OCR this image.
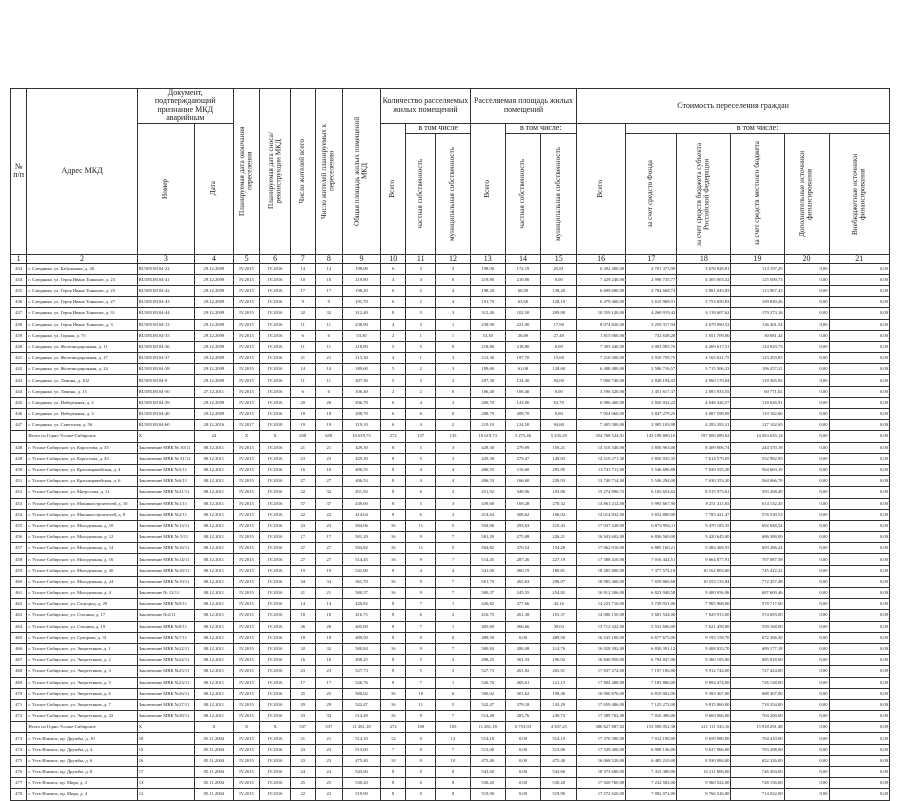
№ п/п	Адрес МКД	Документ, подтверждающий признание МКД аварийным		Планируемая дата окончания переселения	Планируемая дата сноса/реконструкции МКД	Число жителей всего	Число жителей планируемых к переселению	Общая площадь жилых помещений МКД	Количество расселяемых жилых помещений			Расселяемая площадь жилых помещений			Стоимость переселения граждан					

		Номер	Дата						Всего	в том числе		Всего	в том числе:		Всего	в том числе:				

										частная собственность	муниципальная собственность		частная собственность	муниципальная собственность		за счет средств Фонда	за счет средств бюджета субъекта Российской Федерации	за счет средств местного бюджета	Дополнительные источники финансирования	Внебюджетные источники финансирования

1	2	3	4	5	6	7	8	9	10	11	12	13	14	15	16	17	18	19	20	21
433	г. Слюдянка, ул. Бабушкина, д. 26	RU38518104-22	29.12.2009	IV.2015	IV.2016	14	14	198,00	6	3	3	198,00	172,19	25,81	6 492 400,00	2 701 373,90	3 676 828,81	114 197,29	0,00	0,00
434	г. Слюдянка, ул. Героя Ивана Тонконог, д. 23	RU38518104-41	29.12.2009	IV.2015	IV.2016	10	10	219,80	4	4	0	219,80	219,80	0,00	7 429 240,00	2 998 735,77	4 305 003,32	125 500,73	0,00	0,00
435	г. Слюдянка, ул. Героя Ивана Тонконог, д. 25	RU38518104-42	29.12.2009	IV.2015	IV.2016	17	17	198,20	6	2	4	198,20	60,00	138,20	6 699 680,00	2 704 668,74	3 881 045,83	113 967,43	0,00	0,00
436	г. Слюдянка, ул. Героя Ивана Тонконог, д. 27	RU38518104-43	29.12.2009	IV.2015	IV.2016	9	9	191,70	6	2	4	191,70	63,60	128,10	6 479 460,00	2 615 968,91	3 753 650,83	109 840,26	0,00	0,00
437	г. Слюдянка, ул. Героя Ивана Тонконог, д. 31	RU38518104-44	29.12.2009	IV.2015	IV.2016	32	32	312,40	8	5	3	312,40	102,50	209,90	10 559 120,00	4 260 919,42	6 118 607,62	179 273,16	0,00	0,00
438	г. Слюдянка, ул. Героя Ивана Тонконог, д. 3	RU38518104-13	29.12.2009	IV.2015	IV.2016	11	11	238,90	4	3	1	238,90	221,00	17,90	8 074 820,00	3 259 317,94	4 679 090,52	136 401,54	0,00	0,00
439	г. Слюдянка, ул. Горная, д. 75	RU38518104-35	29.12.2009	IV.2015	IV.2016	6	6	53,30	2	1	1	53,30	26,80	27,40	1 815 060,00	732 638,28	1 051 709,00	30 681,44	0,00	0,00
440	г. Слюдянка, ул. Железнодорожная, д. 11	RU38518104-36	29.12.2009	IV.2015	IV.2016	11	11	218,80	5	5	0	218,80	218,80	0,00	7 395 440,00	3 003 095,76	4 269 617,51	124 929,73	0,00	0,00
441	г. Слюдянка, ул. Железнодорожная, д. 17	RU38518104-37	29.12.2009	IV.2015	IV.2016	21	21	213,30	4	1	3	213,30	197,70	15,60	7 210 200,00	2 910 759,75	4 165 621,75	123 203,85	0,00	0,00
442	г. Слюдянка, ул. Железнодорожная, д. 24	RU38518104-38	29.12.2009	IV.2015	IV.2016	14	14	189,60	5	2	3	189,60	61,00	128,60	6 408 480,00	2 586 716,57	3 715 506,23	106 257,21	0,00	0,00
443	г. Слюдянка, ул. Ленина, д. 102	RU38518104-9	29.12.2009	IV.2015	IV.2016	11	11	207,30	5	3	2	207,30	124,30	83,00	7 006 740,00	2 828 194,02	4 060 170,04	118 365,92	0,00	0,00
444	г. Слюдянка, ул. Ленина, д. 13	RU38518104-50	27.12.2011	IV.2015	IV.2016	6	6	106,40	2	2	0	106,40	106,40	0,00	3 596 320,00	1 451 617,37	2 083 933,55	60 771,02	0,00	0,00
445	г. Слюдянка, ул. Набережная, д. 2	RU38518104-39	29.12.2009	IV.2015	IV.2016	20	20	206,70	6	4	2	206,70	143,00	63,70	6 986 460,00	2 820 032,22	4 048 426,57	118 026,91	0,00	0,00
446	г. Слюдянка, ул. Набережная, д. 3	RU38518104-40	29.12.2009	IV.2015	IV.2016	18	18	208,70	6	6	0	208,70	208,70	0,00	7 054 060,00	2 847 279,25	4 087 598,09	119 182,66	0,00	0,00
447	г. Слюдянка, ул. Советская, д. 56	RU38518104-60	28.12.2016	IV.2017	IV.2018	19	19	219,10	6	4	2	219,10	124,50	94,60	7 405 580,00	2 985 183,98	4 293 293,31	127 102,65	0,00	0,00
	Итого по Горно Усолье-Сибирское	X	24	X	X	658	658	10 619,73	272	137	135	10 619,73	5 275,46	5 335,29	354 768 524,91	143 198 800,16	197 006 089,62	14 563 635,14	0,00	0,00
448	г. Усолье-Сибирское, ул. Коростова, д. 35	Заключение МВК № 30/11	08.12.2011	IV.2015	IV.2016	21	21	429,30	8	5	3	429,30	279,09	150,21	14 510 340,00	5 856 963,08	8 409 006,74	244 370,18	0,00	0,00
449	г. Усолье-Сибирское, ул. Коростова, д. 45	Заключение МВК № 31/11	08.12.2011	IV.2015	IV.2016	23	23	429,30	8	5	3	429,30	279,47	149,83	14 510 271,30	5 856 935,35	7 614 579,05	552 982,95	0,00	0,00
450	г. Усолье-Сибирское, ул. Красноармейская, д. 4	Заключение МВК №5/11	08.12.2011	IV.2015	IV.2016	16	16	406,55	8	4	4	406,55	110,60	295,95	13 741 711,00	5 546 696,88	7 630 355,30	564 663,19	0,00	0,00
451	г. Усолье-Сибирское, ул. Красноармейская, д. 6	Заключение МВК №6/11	08.12.2011	IV.2015	IV.2016	27	27	406,53	8	4	4	406,53	166,60	239,93	13 740 714,00	5 546 294,00	7 630 353,30	564 066,70	0,00	0,00
452	г. Усолье-Сибирское, ул. Матросова, д. 11	Заключение МВК №21/11	08.12.2011	IV.2015	IV.2016	32	32	451,92	8	6	2	451,92	348,06	103,86	15 274 896,72	6 165 654,62	8 515 973,61	593 268,49	0,00	0,00
453	г. Усолье-Сибирское, ул. Машиностроителей, д. 10	Заключение МВК №1/11	08.12.2011	IV.2015	IV.2016	37	37	439,60	8	5	3	439,60	169,28	270,32	14 861 212,00	5 995 667,90	8 251 411,65	614 132,45	0,00	0,00
454	г. Усолье-Сибирское, ул. Машиностроителей, д. 8	Заключение МВК №2/11	08.12.2011	IV.2015	IV.2016	22	22	414,64	8	6	2	414,64	308,62	106,02	14 014 832,00	5 652 880,00	7 785 421,47	576 530,53	0,00	0,00
455	г. Усолье-Сибирское, ул. Молодежная, д. 10	Заключение МВК №13/11	08.12.2011	IV.2015	IV.2016	23	23	504,06	16	11	5	504,06	293,63	210,43	17 037 228,00	6 874 994,11	9 470 185,35	692 048,54	0,00	0,00
456	г. Усолье-Сибирское, ул. Молодежная, д. 12	Заключение МВК № 5/11	08.12.2011	IV.2015	IV.2016	17	17	501,29	16	9	7	501,29	275,08	226,21	16 943 602,00	6 836 569,00	9 420 645,00	686 388,00	0,00	0,00
457	г. Усолье-Сибирское, ул. Молодежная, д. 14	Заключение МВК №16/11	08.12.2011	IV.2015	IV.2016	27	27	504,82	16	11	5	504,82	370,54	134,28	17 062 916,00	6 885 160,21	9 484 469,55	693 286,24	0,00	0,00
458	г. Усолье-Сибирское, ул. Молодежная, д. 16	Заключение МВК №14/11	08.12.2011	IV.2015	IV.2016	27	27	514,45	16	9	7	514,45	287,26	227,19	17 388 410,00	7 016 444,51	9 664 877,91	707 087,58	0,00	0,00
459	г. Усолье-Сибирское, ул. Молодежная, д. 20	Заключение МВК №18/11	08.12.2011	IV.2015	IV.2016	19	19	541,00	8	4	4	541,00	360,19	180,81	18 285 800,00	7 377 574,18	10 162 803,60	745 422,22	0,00	0,00
460	г. Усолье-Сибирское, ул. Молодежная, д. 24	Заключение МВК №19/11	08.12.2011	IV.2015	IV.2016	34	34	561,70	16	9	7	561,70	265,63	296,07	18 985 460,00	7 659 866,68	10 553 135,84	772 457,48	0,00	0,00
461	г. Усолье-Сибирское, ул. Молодежная, д. 4	Заключение № 12/11	08.12.2011	IV.2015	IV.2016	21	21	500,37	16	9	7	500,37	245,55	254,82	16 912 506,00	6 823 948,58	9 400 956,96	687 600,46	0,00	0,00
462	г. Усолье-Сибирское, ул. Соцгород, д. 29	Заключение МВК №9/11	08.12.2011	IV.2015	IV.2016	14	14	420,82	8	7	1	420,82	377,66	43,16	14 223 716,00	5 739 031,00	7 905 968,00	578 717,00	0,00	0,00
463	г. Усолье-Сибирское, ул. Стопина, д. 17	Заключение №2/11	08.12.2011	IV.2015	IV.2016	18	18	416,75	8	6	2	416,75	261,38	155,37	14 086 150,00	5 681 544,00	7 829 913,00	574 693,00	0,00	0,00
464	г. Усолье-Сибирское, ул. Стопина, д. 19	Заключение МВК №8/11	08.12.2011	IV.2015	IV.2016	26	26	405,69	8	7	1	405,69	366,66	39,03	13 712 322,00	5 531 696,00	7 621 458,00	559 168,00	0,00	0,00
465	г. Усолье-Сибирское, ул. Суворова, д. 31	Заключение МВК №7/11	08.12.2011	IV.2015	IV.2016	18	18	489,50	8	0	8	489,50	0,00	489,50	16 545 100,00	6 677 675,00	9 195 158,70	672 266,30	0,00	0,00
466	г. Усолье-Сибирское, ул. Энергетиков, д. 1	Заключение МВК №22/11	08.12.2011	IV.2015	IV.2016	32	32	500,84	16	9	7	500,84	286,08	214,76	16 928 392,00	6 830 391,12	9 408 823,70	689 177,18	0,00	0,00
467	г. Усолье-Сибирское, ул. Энергетиков, д. 2	Заключение МВК №24/11	08.12.2011	IV.2015	IV.2016	16	16	498,25	8	5	3	498,25	301,33	196,92	16 840 850,00	6 794 847,00	9 360 185,00	685 818,00	0,00	0,00
468	г. Усолье-Сибирское, ул. Энергетиков, д. 3	Заключение МВК №25/11	08.12.2011	IV.2015	IV.2016	23	23	527,73	8	5	3	527,73	261,82	265,91	17 837 274,00	7 197 106,00	9 912 744,00	727 424,00	0,00	0,00
469	г. Усолье-Сибирское, ул. Энергетиков, д. 5	Заключение МВК №23/11	08.12.2011	IV.2015	IV.2016	17	17	526,76	8	7	1	526,76	405,61	121,15	17 804 488,00	7 183 886,00	9 894 474,00	726 128,00	0,00	0,00
470	г. Усолье-Сибирское, ул. Энергетиков, д. 6	Заключение МВК №26/11	08.12.2011	IV.2015	IV.2016	25	25	500,02	16	10	6	500,02	301,62	198,40	16 900 676,00	6 819 002,00	9 393 367,00	688 307,00	0,00	0,00
471	г. Усолье-Сибирское, ул. Энергетиков, д. 7	Заключение МВК №27/11	08.12.2011	IV.2015	IV.2016	29	29	522,47	16	11	5	522,47	379,18	143,29	17 659 486,00	7 125 272,00	9 815 860,00	718 354,00	0,00	0,00
472	г. Усолье-Сибирское, ул. Энергетиков, д. 43	Заключение МВК №28/11	08.12.2011	IV.2015	IV.2016	33	33	514,49	16	9	7	514,49	283,76	230,73	17 389 762,00	7 016 496,00	9 669 066,00	704 200,00	0,00	0,00
	Итого по Горно Усолье-Сибирское	X	X	X	X	537	537	11 261,18	272	169	103	11 261,18	6 753,93	4 507,25	380 627 887,02	153 598 052,38	211 111 543,16	15 918 291,48	0,00	0,00
473	г. Усть-Илимск, пр. Дружбы, д. 10	18	05.11.2004	IV.2015	IV.2016	21	21	514,10	12	0	12	514,10	0,00	514,10	17 376 580,00	7 012 190,00	9 659 980,00	704 410,00	0,00	0,00
474	г. Усть-Илимск, пр. Дружбы, д. 4	15	05.11.2004	IV.2015	IV.2016	23	23	513,00	7	0	7	513,00	0,00	513,00	17 339 400,00	6 998 136,00	9 637 966,00	703 298,00	0,00	0,00
475	г. Усть-Илимск, пр. Дружбы, д. 6	16	05.11.2004	IV.2015	IV.2016	23	23	475,40	10	0	10	475,40	0,00	475,40	16 068 520,00	6 485 210,00	8 930 984,00	652 326,00	0,00	0,00
476	г. Усть-Илимск, пр. Дружбы, д. 8	17	05.11.2004	IV.2015	IV.2016	24	24	543,60	8	0	8	543,60	0,00	543,60	18 373 680,00	7 415 380,00	10 211 806,00	746 494,00	0,00	0,00
477	г. Усть-Илимск, пр. Мира, д. 2	13	05.11.2004	IV.2015	IV.2016	25	25	530,20	8	0	8	530,20	0,00	530,20	17 920 760,00	7 232 582,00	9 960 022,00	728 156,00	0,00	0,00
478	г. Усть-Илимск, пр. Мира, д. 4	12	05.11.2004	IV.2015	IV.2016	22	22	519,90	8	0	8	519,90	0,00	519,90	17 572 620,00	7 092 072,00	9 766 526,00	714 022,00	0,00	0,00
